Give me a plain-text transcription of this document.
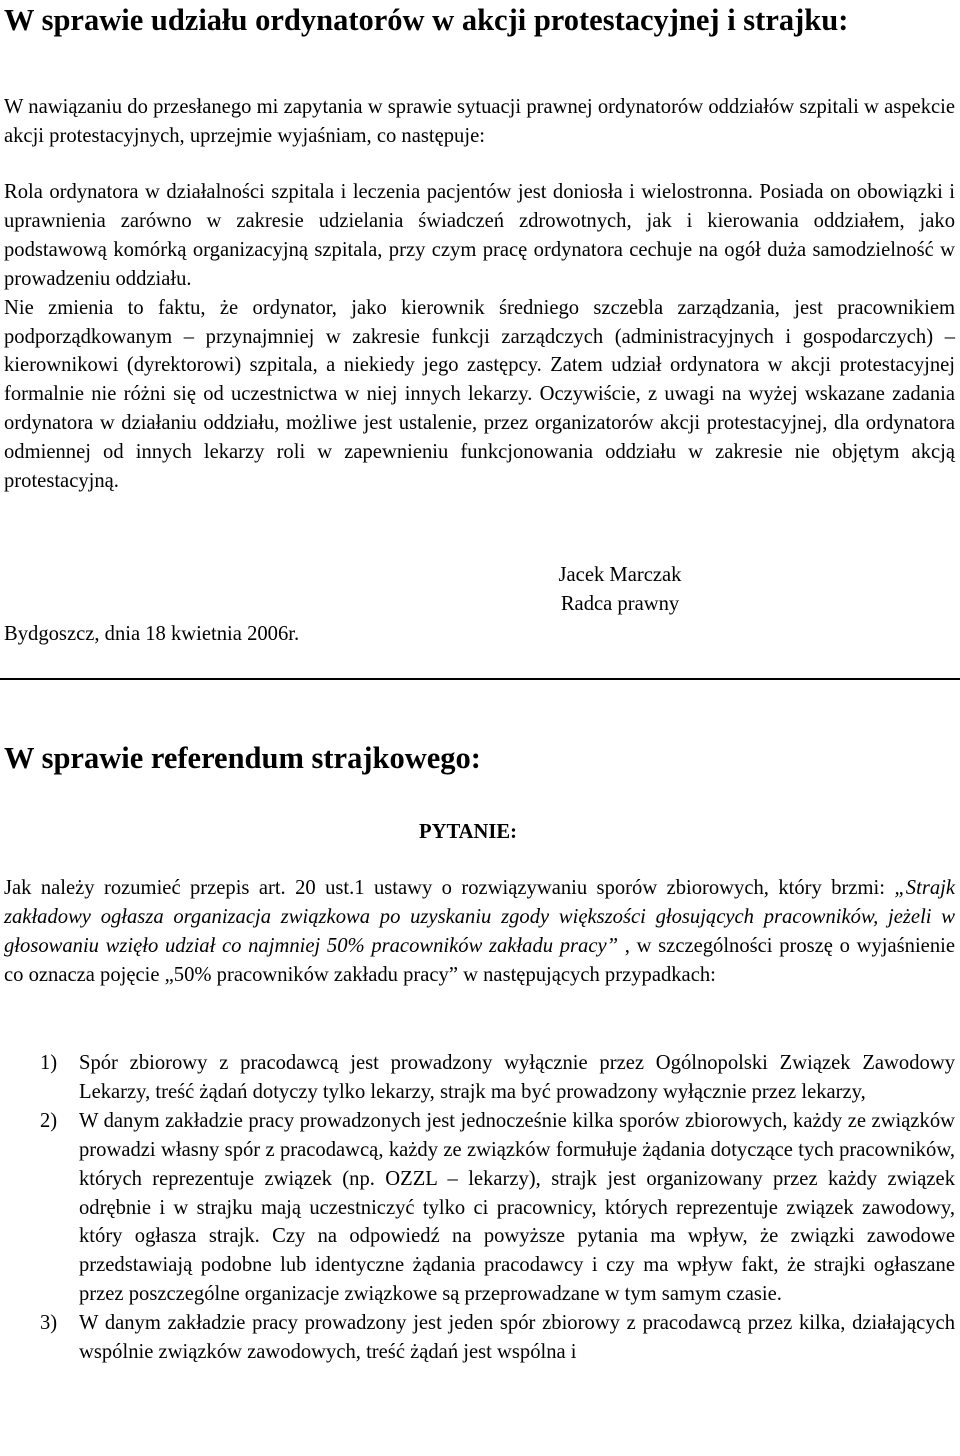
W sprawie udziału ordynatorów w akcji protestacyjnej i strajku:

W nawiązaniu do przesłanego mi zapytania w sprawie sytuacji prawnej ordynatorów oddziałów szpitali w aspekcie akcji protestacyjnych, uprzejmie wyjaśniam, co następuje:

Rola ordynatora w działalności szpitala i leczenia pacjentów jest doniosła i wielostronna. Posiada on obowiązki i uprawnienia zarówno w zakresie udzielania świadczeń zdrowotnych, jak i kierowania oddziałem, jako podstawową komórką organizacyjną szpitala, przy czym pracę ordynatora cechuje na ogół duża samodzielność w prowadzeniu oddziału.

Nie zmienia to faktu, że ordynator, jako kierownik średniego szczebla zarządzania, jest pracownikiem podporządkowanym – przynajmniej w zakresie funkcji zarządczych (administracyjnych i gospodarczych) – kierownikowi (dyrektorowi) szpitala, a niekiedy jego zastępcy. Zatem udział ordynatora w akcji protestacyjnej formalnie nie różni się od uczestnictwa w niej innych lekarzy. Oczywiście, z uwagi na wyżej wskazane zadania ordynatora w działaniu oddziału, możliwe jest ustalenie, przez organizatorów akcji protestacyjnej, dla ordynatora odmiennej od innych lekarzy roli w zapewnieniu funkcjonowania oddziału w zakresie nie objętym akcją protestacyjną.

Jacek Marczak
Radca prawny
Bydgoszcz, dnia 18 kwietnia 2006r.
W sprawie referendum strajkowego:
PYTANIE:

Jak należy rozumieć przepis art. 20 ust.1 ustawy o rozwiązywaniu sporów zbiorowych, który brzmi: „Strajk zakładowy ogłasza organizacja związkowa po uzyskaniu zgody większości głosujących pracowników, jeżeli w głosowaniu wzięło udział co najmniej 50% pracowników zakładu pracy” , w szczególności proszę o wyjaśnienie co oznacza pojęcie „50% pracowników zakładu pracy” w następujących przypadkach:

1) Spór zbiorowy z pracodawcą jest prowadzony wyłącznie przez Ogólnopolski Związek Zawodowy Lekarzy, treść żądań dotyczy tylko lekarzy, strajk ma być prowadzony wyłącznie przez lekarzy,
2) W danym zakładzie pracy prowadzonych jest jednocześnie kilka sporów zbiorowych, każdy ze związków prowadzi własny spór z pracodawcą, każdy ze związków formułuje żądania dotyczące tych pracowników, których reprezentuje związek (np. OZZL – lekarzy), strajk jest organizowany przez każdy związek odrębnie i w strajku mają uczestniczyć tylko ci pracownicy, których reprezentuje związek zawodowy, który ogłasza strajk. Czy na odpowiedź na powyższe pytania ma wpływ, że związki zawodowe przedstawiają podobne lub identyczne żądania pracodawcy i czy ma wpływ fakt, że strajki ogłaszane przez poszczególne organizacje związkowe są przeprowadzane w tym samym czasie.
3) W danym zakładzie pracy prowadzony jest jeden spór zbiorowy z pracodawcą przez kilka, działających wspólnie związków zawodowych, treść żądań jest wspólna i
